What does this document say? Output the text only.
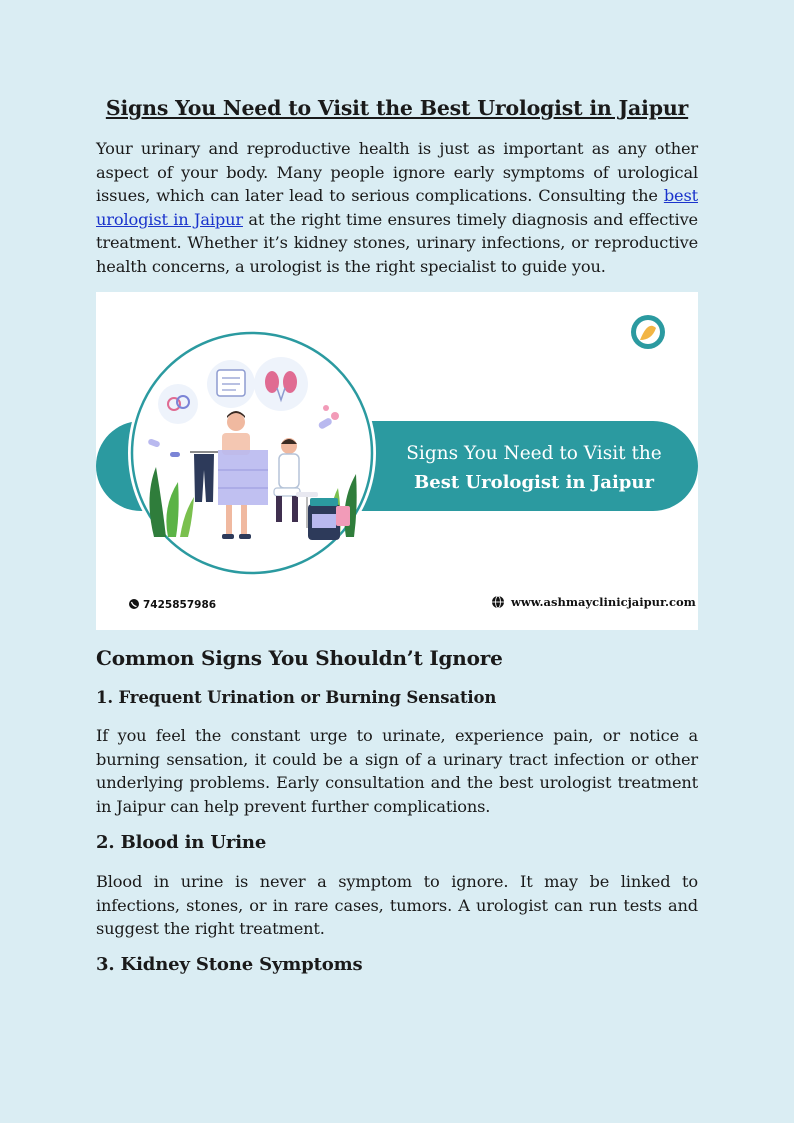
Signs You Need to Visit the Best Urologist in Jaipur

Your urinary and reproductive health is just as important as any other aspect of your body. Many people ignore early symptoms of urological issues, which can later lead to serious complications. Consulting the best urologist in Jaipur at the right time ensures timely diagnosis and effective treatment. Whether it’s kidney stones, urinary infections, or reproductive health concerns, a urologist is the right specialist to guide you.

Signs You Need to Visit the
Best Urologist in Jaipur
7425857986	www.ashmayclinicjaipur.com
Common Signs You Shouldn’t Ignore
1. Frequent Urination or Burning Sensation

If you feel the constant urge to urinate, experience pain, or notice a burning sensation, it could be a sign of a urinary tract infection or other underlying problems. Early consultation and the best urologist treatment in Jaipur can help prevent further complications.

2. Blood in Urine

Blood in urine is never a symptom to ignore. It may be linked to infections, stones, or in rare cases, tumors. A urologist can run tests and suggest the right treatment.

3. Kidney Stone Symptoms
